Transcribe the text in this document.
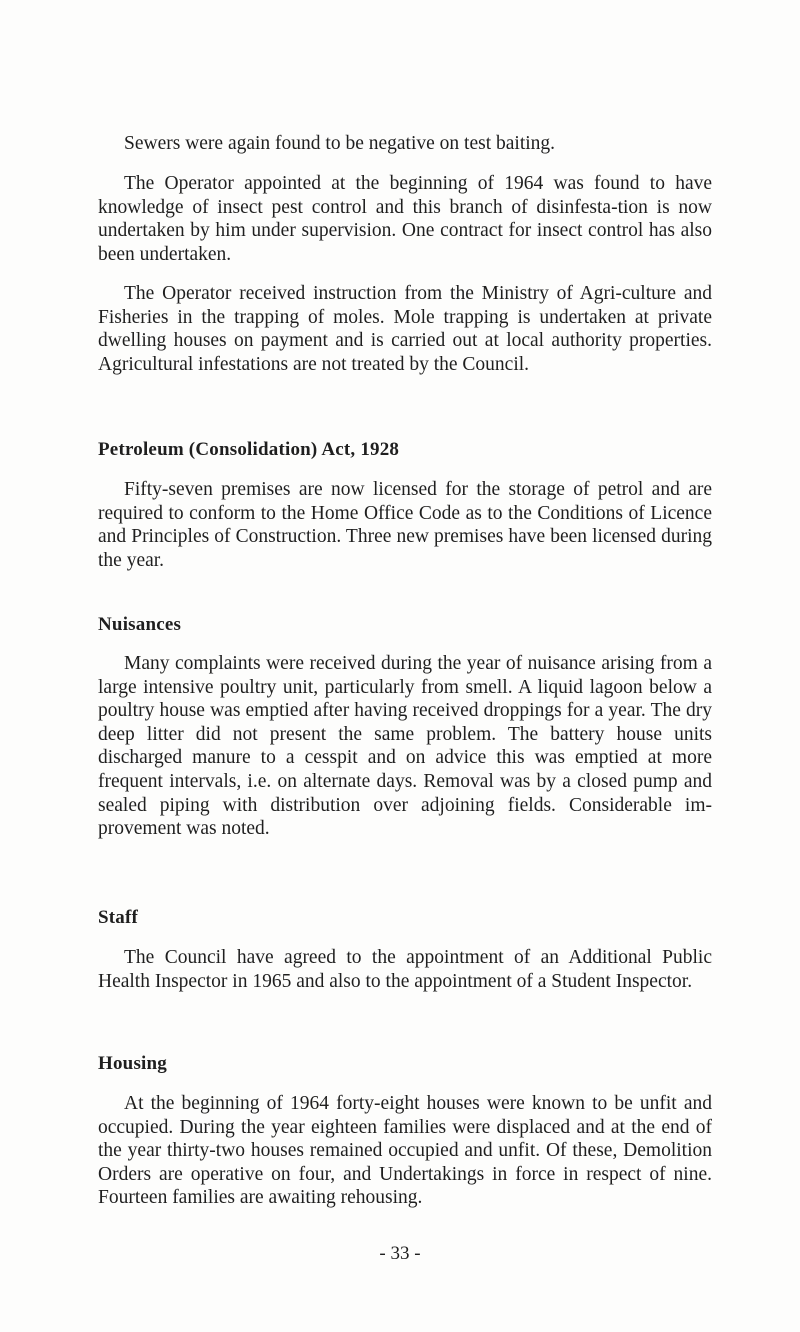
Sewers were again found to be negative on test baiting.

The Operator appointed at the beginning of 1964 was found to have knowledge of insect pest control and this branch of disinfesta-tion is now undertaken by him under supervision. One contract for insect control has also been undertaken.

The Operator received instruction from the Ministry of Agri-culture and Fisheries in the trapping of moles. Mole trapping is undertaken at private dwelling houses on payment and is carried out at local authority properties. Agricultural infestations are not treated by the Council.

Petroleum (Consolidation) Act, 1928

Fifty-seven premises are now licensed for the storage of petrol and are required to conform to the Home Office Code as to the Conditions of Licence and Principles of Construction. Three new premises have been licensed during the year.

Nuisances

Many complaints were received during the year of nuisance arising from a large intensive poultry unit, particularly from smell. A liquid lagoon below a poultry house was emptied after having received droppings for a year. The dry deep litter did not present the same problem. The battery house units discharged manure to a cesspit and on advice this was emptied at more frequent intervals, i.e. on alternate days. Removal was by a closed pump and sealed piping with distribution over adjoining fields. Considerable im-provement was noted.

Staff

The Council have agreed to the appointment of an Additional Public Health Inspector in 1965 and also to the appointment of a Student Inspector.

Housing

At the beginning of 1964 forty-eight houses were known to be unfit and occupied. During the year eighteen families were displaced and at the end of the year thirty-two houses remained occupied and unfit. Of these, Demolition Orders are operative on four, and Undertakings in force in respect of nine. Fourteen families are awaiting rehousing.

- 33 -
